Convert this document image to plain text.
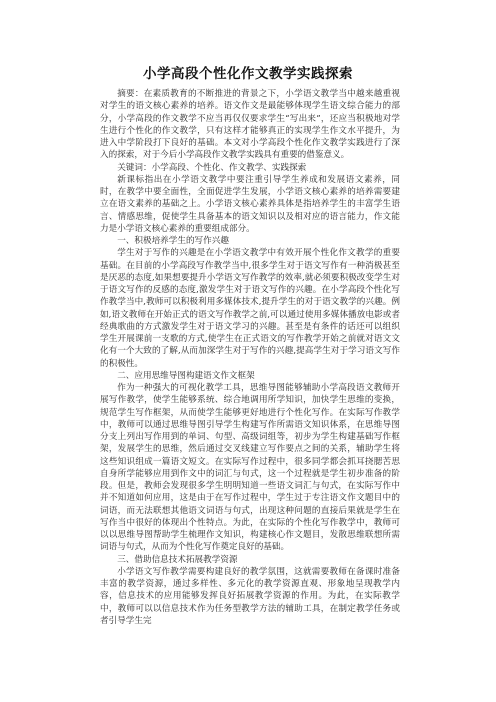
小学高段个性化作文教学实践探索

摘要：在素质教育的不断推进的背景之下，小学语文教学当中越来越重视对学生的语文核心素养的培养。语文作文是最能够体现学生语文综合能力的部分，小学高段的作文教学不应当再仅仅要求学生“写出来”，还应当积极地对学生进行个性化的作文教学，只有这样才能够真正的实现学生作文水平提升，为进入中学阶段打下良好的基础。本文对小学高段个性化作文教学实践进行了深入的探索，对于今后小学高段作文教学实践具有重要的借鉴意义。

关键词：小学高段、个性化、作文教学、实践探索

新课标指出在小学语文教学中要注重引导学生养成和发展语文素养，同时，在教学中要全面性，全面促进学生发展，小学语文核心素养的培养需要建立在语文素养的基础之上。小学语文核心素养具体是指培养学生的丰富学生语言、情感思维，促使学生具备基本的语文知识以及相对应的语言能力，作文能力是小学语文核心素养的重要组成部分。

一、积极培养学生的写作兴趣

学生对于写作的兴趣是在小学语文教学中有效开展个性化作文教学的重要基础。在目前的小学高段写作教学当中,很多学生对于语文写作有一种消极甚至是厌恶的态度,如果想要提升小学语文写作教学的效率,就必须要积极改变学生对于语文写作的反感的态度,激发学生对于语文写作的兴趣。在小学高段个性化写作教学当中,教师可以积极利用多媒体技术,提升学生的对于语文教学的兴趣。例如,语文教师在开始正式的语文写作教学之前,可以通过使用多媒体播放电影或者经典歌曲的方式激发学生对于语文学习的兴趣。甚至是有条件的话还可以组织学生开展课前一支歌的方式,使学生在正式语文的写作教学开始之前就对语文文化有一个大致的了解,从而加深学生对于写作的兴趣,提高学生对于学习语文写作的积极性。

二、应用思维导图构建语文作文框架

作为一种强大的可视化教学工具，思维导图能够辅助小学高段语文教师开展写作教学，使学生能够系统、综合地调用所学知识，加快学生思维的变换，规范学生写作框架，从而使学生能够更好地进行个性化写作。在实际写作教学中，教师可以通过思维导图引导学生构建写作所需语文知识体系，在思维导图分支上列出写作用到的单词、句型、高级词组等，初步为学生构建基础写作框架，发展学生的思维，然后通过交叉线建立写作要点之间的关系，辅助学生将这些知识组成一篇语文短文。在实际写作过程中，很多同学都会抓耳挠腮苦思自身所学能够应用到作文中的词汇与句式，这一个过程就是学生初步准备的阶段。但是，教师会发现很多学生明明知道一些语文词汇与句式，在实际写作中并不知道如何应用，这是由于在写作过程中，学生过于专注语文作文题目中的词语，而无法联想其他语文词语与句式，出现这种问题的直接后果就是学生在写作当中很好的体现出个性特点。为此，在实际的个性化写作教学中，教师可以以思维导图帮助学生梳理作文知识，构建核心作文题目，发散思维联想所需词语与句式，从而为个性化写作奠定良好的基础。

三、借助信息技术拓展教学资源

小学语文写作教学需要构建良好的教学氛围，这就需要教师在备课时准备丰富的教学资源，通过多样性、多元化的教学资源直观、形象地呈现教学内容，信息技术的应用能够发挥良好拓展教学资源的作用。为此，在实际教学中，教师可以以信息技术作为任务型教学方法的辅助工具，在制定教学任务或者引导学生完
